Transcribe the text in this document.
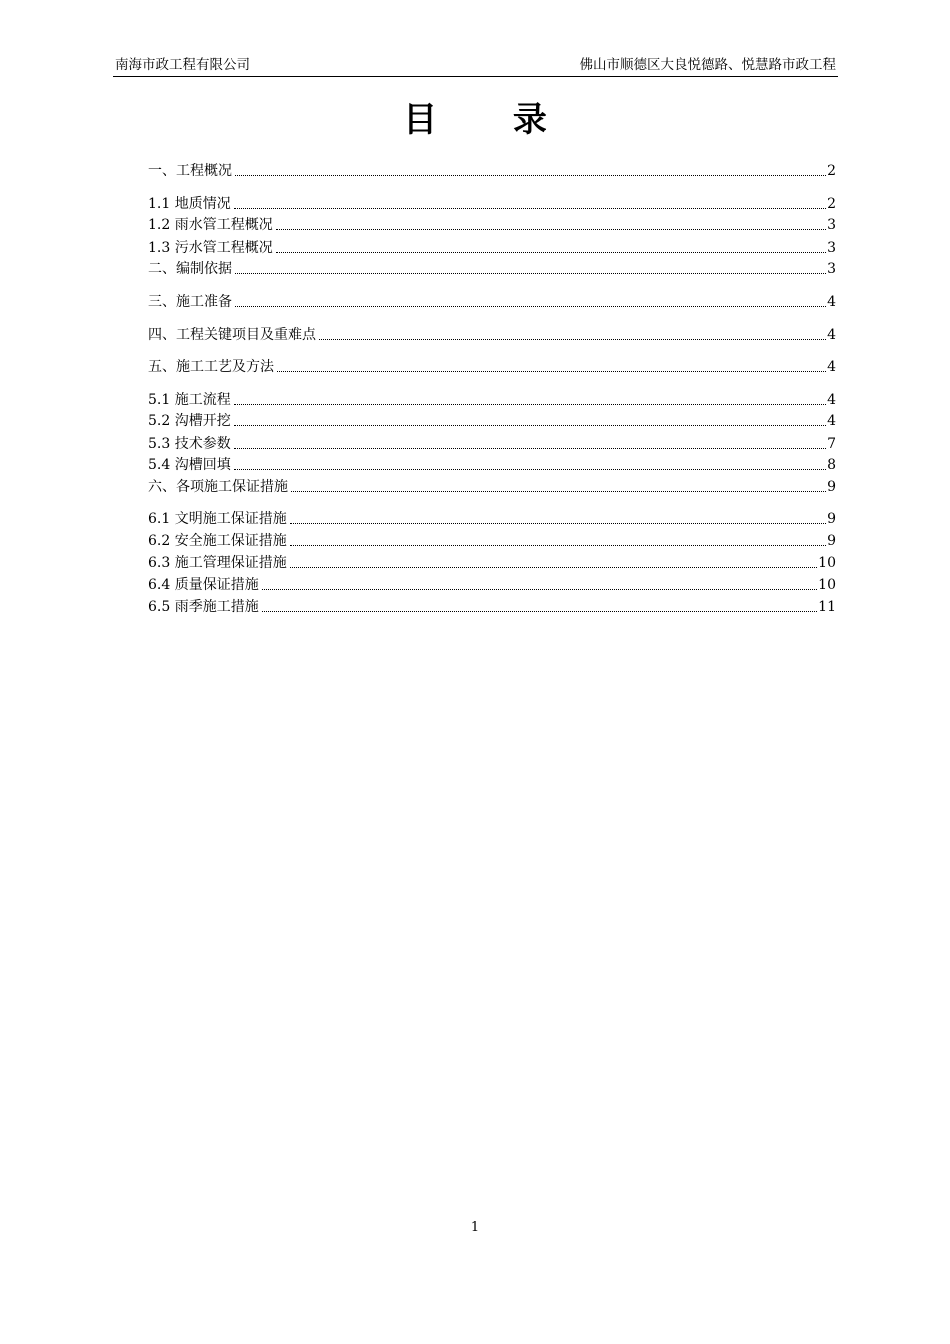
南海市政工程有限公司	佛山市顺德区大良悦德路、悦慧路市政工程
目 录
一、工程概况	2
1.1 地质情况	2
1.2 雨水管工程概况	3
1.3 污水管工程概况	3
二、编制依据	3
三、施工准备	4
四、工程关键项目及重难点	4
五、施工工艺及方法	4
5.1 施工流程	4
5.2 沟槽开挖	4
5.3 技术参数	7
5.4 沟槽回填	8
六、各项施工保证措施	9
6.1 文明施工保证措施	9
6.2 安全施工保证措施	9
6.3 施工管理保证措施	10
6.4 质量保证措施	10
6.5 雨季施工措施	11
1
